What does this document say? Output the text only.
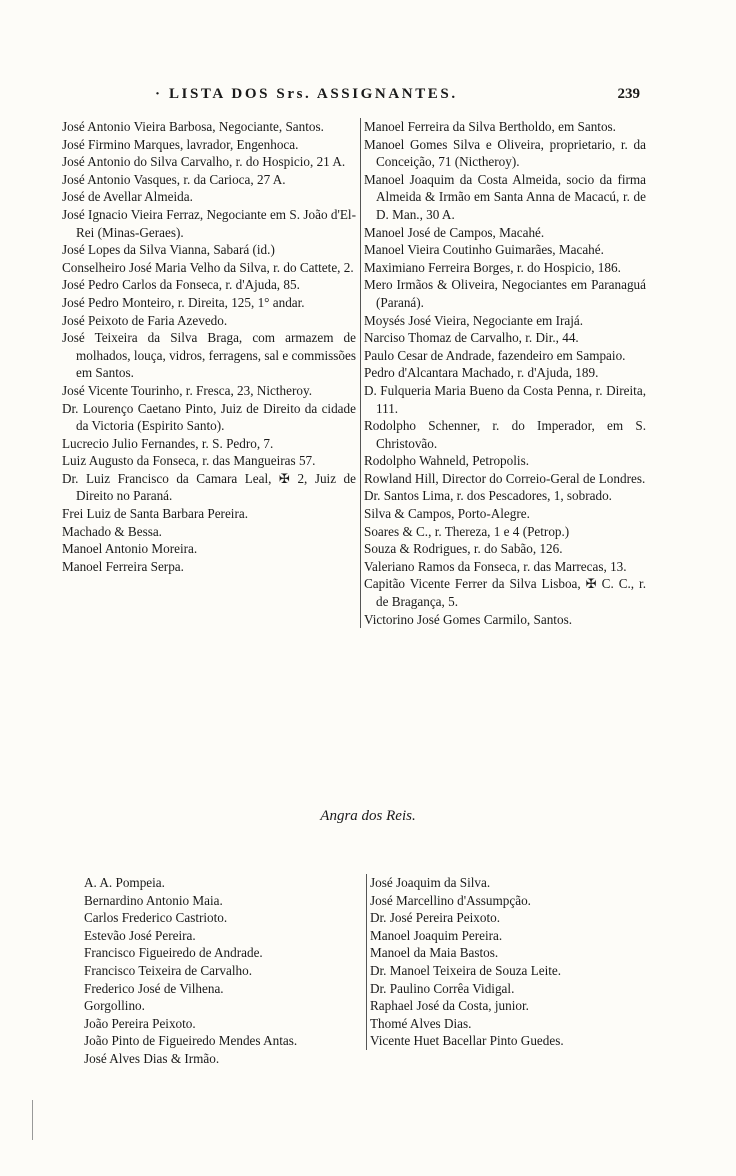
· LISTA DOS Srs. ASSIGNANTES.	239

José Antonio Vieira Barbosa, Negociante, Santos.

José Firmino Marques, lavrador, Engenhoca.

José Antonio do Silva Carvalho, r. do Hospicio, 21 A.

José Antonio Vasques, r. da Carioca, 27 A.

José de Avellar Almeida.

José Ignacio Vieira Ferraz, Negociante em S. João d'El-Rei (Minas-Geraes).

José Lopes da Silva Vianna, Sabará (id.)

Conselheiro José Maria Velho da Silva, r. do Cattete, 2.

José Pedro Carlos da Fonseca, r. d'Ajuda, 85.

José Pedro Monteiro, r. Direita, 125, 1° andar.

José Peixoto de Faria Azevedo.

José Teixeira da Silva Braga, com armazem de molhados, louça, vidros, ferragens, sal e commissões em Santos.

José Vicente Tourinho, r. Fresca, 23, Nictheroy.

Dr. Lourenço Caetano Pinto, Juiz de Direito da cidade da Victoria (Espirito Santo).

Lucrecio Julio Fernandes, r. S. Pedro, 7.

Luiz Augusto da Fonseca, r. das Mangueiras 57.

Dr. Luiz Francisco da Camara Leal, ✠ 2, Juiz de Direito no Paraná.

Frei Luiz de Santa Barbara Pereira.

Machado & Bessa.

Manoel Antonio Moreira.

Manoel Ferreira Serpa.

Manoel Ferreira da Silva Bertholdo, em Santos.

Manoel Gomes Silva e Oliveira, proprietario, r. da Conceição, 71 (Nictheroy).

Manoel Joaquim da Costa Almeida, socio da firma Almeida & Irmão em Santa Anna de Macacú, r. de D. Man., 30 A.

Manoel José de Campos, Macahé.

Manoel Vieira Coutinho Guimarães, Macahé.

Maximiano Ferreira Borges, r. do Hospicio, 186.

Mero Irmãos & Oliveira, Negociantes em Paranaguá (Paraná).

Moysés José Vieira, Negociante em Irajá.

Narciso Thomaz de Carvalho, r. Dir., 44.

Paulo Cesar de Andrade, fazendeiro em Sampaio.

Pedro d'Alcantara Machado, r. d'Ajuda, 189.

D. Fulqueria Maria Bueno da Costa Penna, r. Direita, 111.

Rodolpho Schenner, r. do Imperador, em S. Christovão.

Rodolpho Wahneld, Petropolis.

Rowland Hill, Director do Correio-Geral de Londres.

Dr. Santos Lima, r. dos Pescadores, 1, sobrado.

Silva & Campos, Porto-Alegre.

Soares & C., r. Thereza, 1 e 4 (Petrop.)

Souza & Rodrigues, r. do Sabão, 126.

Valeriano Ramos da Fonseca, r. das Marrecas, 13.

Capitão Vicente Ferrer da Silva Lisboa, ✠ C. C., r. de Bragança, 5.

Victorino José Gomes Carmilo, Santos.

Angra dos Reis.

A. A. Pompeia.

Bernardino Antonio Maia.

Carlos Frederico Castrioto.

Estevão José Pereira.

Francisco Figueiredo de Andrade.

Francisco Teixeira de Carvalho.

Frederico José de Vilhena.

Gorgollino.

João Pereira Peixoto.

João Pinto de Figueiredo Mendes Antas.

José Alves Dias & Irmão.

José Joaquim da Silva.

José Marcellino d'Assumpção.

Dr. José Pereira Peixoto.

Manoel Joaquim Pereira.

Manoel da Maia Bastos.

Dr. Manoel Teixeira de Souza Leite.

Dr. Paulino Corrêa Vidigal.

Raphael José da Costa, junior.

Thomé Alves Dias.

Vicente Huet Bacellar Pinto Guedes.
